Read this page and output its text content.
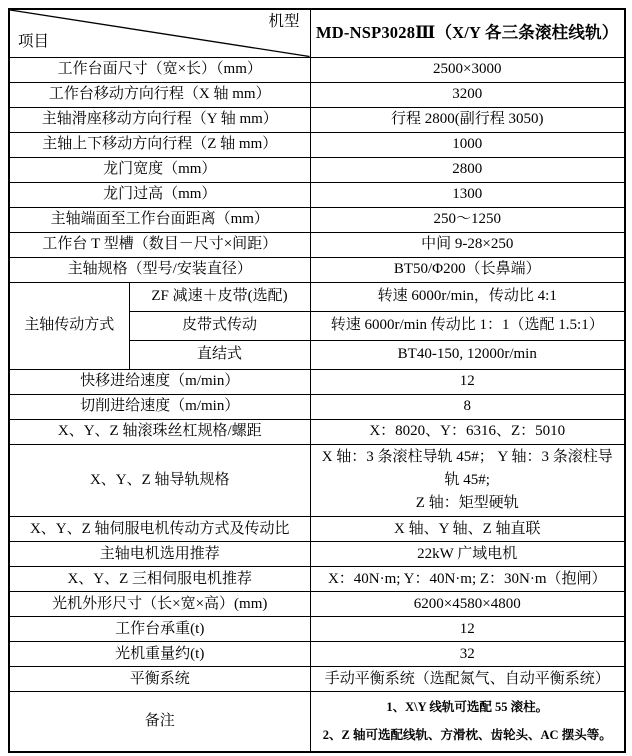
机型
项目		MD-NSP3028Ⅲ（X/Y 各三条滚柱线轨）
工作台面尺寸（宽×长）（mm）		2500×3000
工作台移动方向行程（X 轴 mm）		3200
主轴滑座移动方向行程（Y 轴 mm）		行程 2800(副行程 3050)
主轴上下移动方向行程（Z 轴 mm）		1000
龙门宽度（mm）		2800
龙门过高（mm）		1300
主轴端面至工作台面距离（mm）		250～1250
工作台 T 型槽（数目－尺寸×间距）		中间 9-28×250
主轴规格（型号/安装直径）		BT50/Φ200（长鼻端）
主轴传动方式	ZF 减速＋皮带(选配)	转速 6000r/min，传动比 4:1
	皮带式传动	转速 6000r/min 传动比 1：1（选配 1.5:1）
	直结式	BT40-150, 12000r/min
快移进给速度（m/min）		12
切削进给速度（m/min）		8
X、Y、Z 轴滚珠丝杠规格/螺距		X：8020、Y：6316、Z：5010
X、Y、Z 轴导轨规格		X 轴：3 条滚柱导轨 45#； Y 轴：3 条滚柱导轨 45#;
Z 轴：矩型硬轨

X、Y、Z 轴伺服电机传动方式及传动比		X 轴、Y 轴、Z 轴直联
主轴电机选用推荐		22kW 广域电机
X、Y、Z 三相伺服电机推荐		X：40N·m; Y：40N·m; Z：30N·m（抱闸）
光机外形尺寸（长×宽×高）(mm)		6200×4580×4800
工作台承重(t)		12
光机重量约(t)		32
平衡系统		手动平衡系统（选配氮气、自动平衡系统）
备注		1、X\Y 线轨可选配 55 滚柱。
2、Z 轴可选配线轨、方滑枕、齿轮头、AC 摆头等。
